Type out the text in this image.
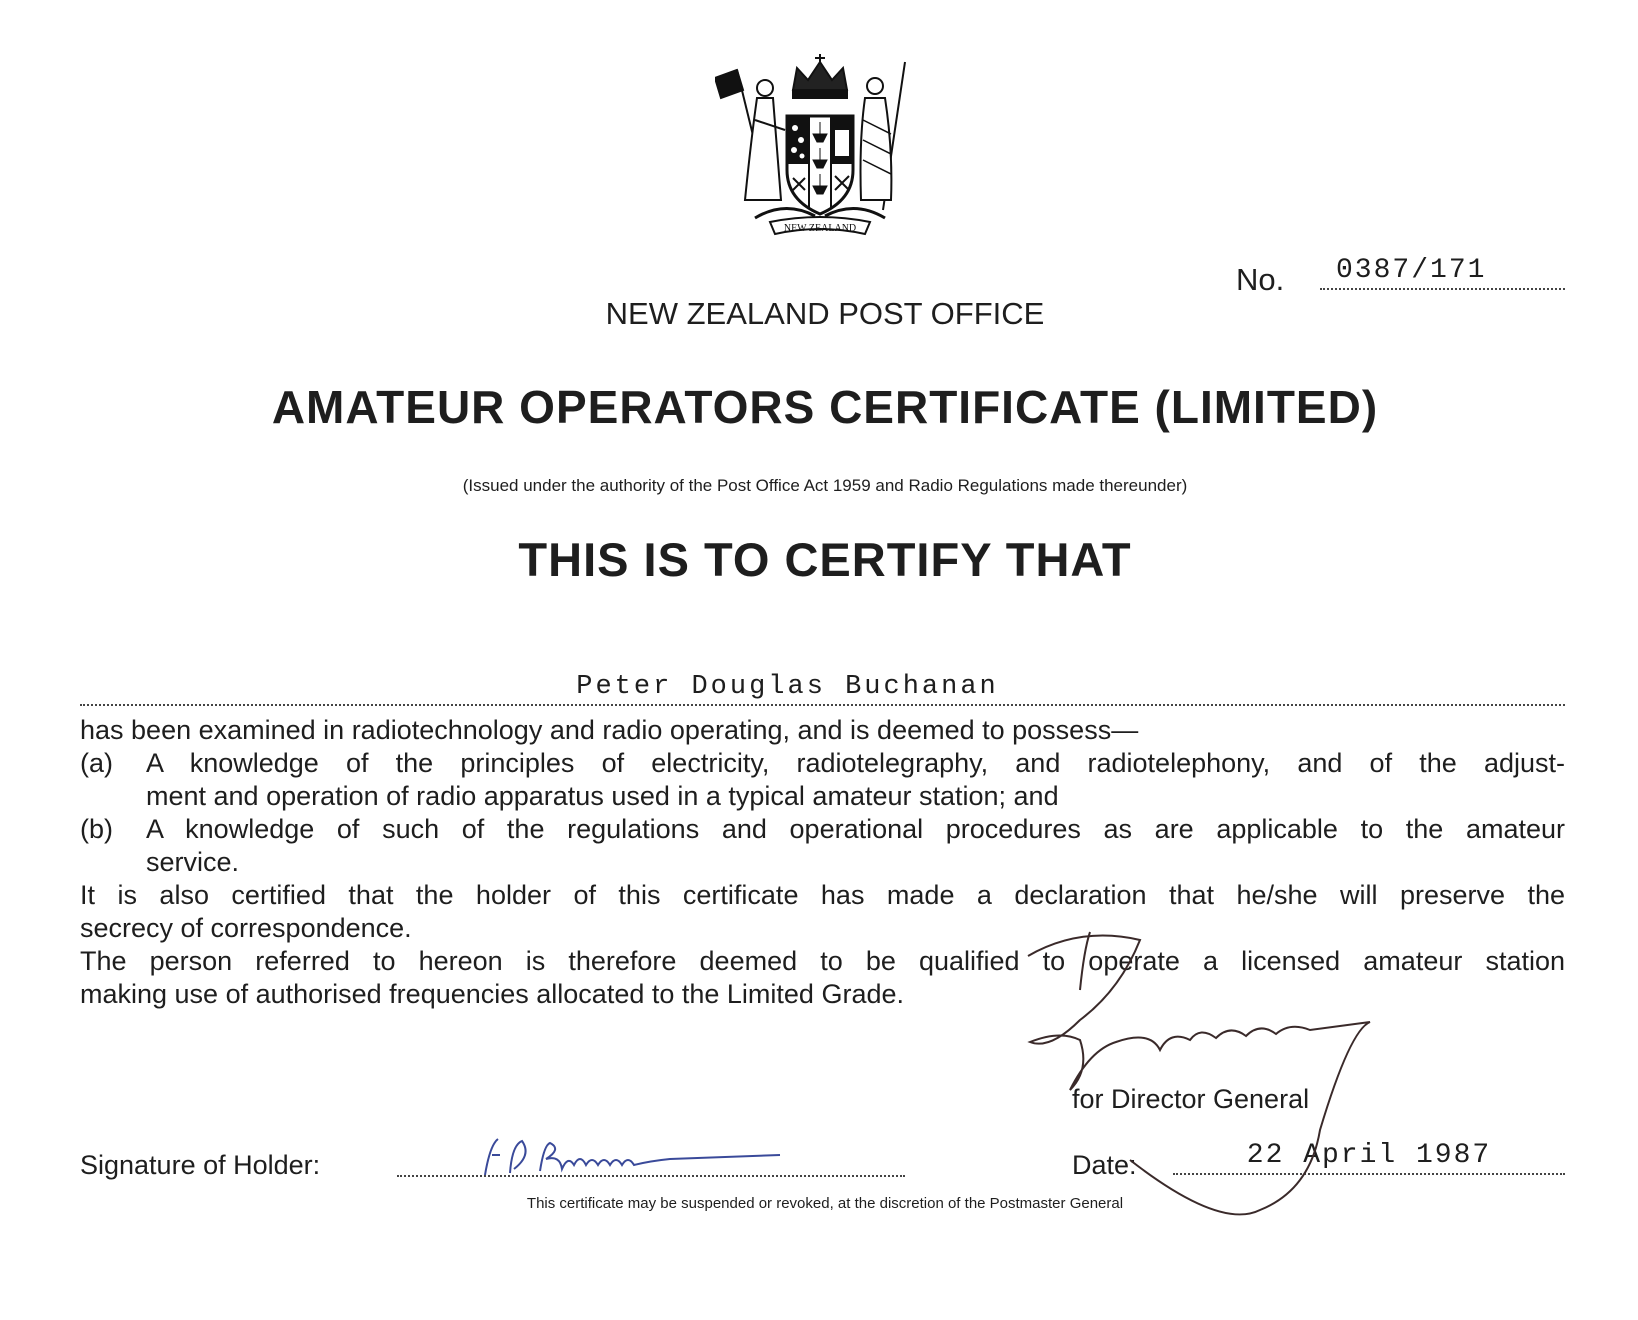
NEW ZEALAND
No.	0387/171
NEW ZEALAND POST OFFICE
AMATEUR OPERATORS CERTIFICATE (LIMITED)
(Issued under the authority of the Post Office Act 1959 and Radio Regulations made thereunder)
THIS IS TO CERTIFY THAT
Peter Douglas Buchanan

has been examined in radiotechnology and radio operating, and is deemed to possess—

(a)	A knowledge of the principles of electricity, radiotelegraphy, and radiotelephony, and of the adjust-
ment and operation of radio apparatus used in a typical amateur station; and
(b)	A knowledge of such of the regulations and operational procedures as are applicable to the amateur
service.
It is also certified that the holder of this certificate has made a declaration that he/she will preserve the
secrecy of correspondence.
The person referred to hereon is therefore deemed to be qualified to operate a licensed amateur station
making use of authorised frequencies allocated to the Limited Grade.
for Director General
Signature of Holder:	Date:	22 April 1987
This certificate may be suspended or revoked, at the discretion of the Postmaster General
